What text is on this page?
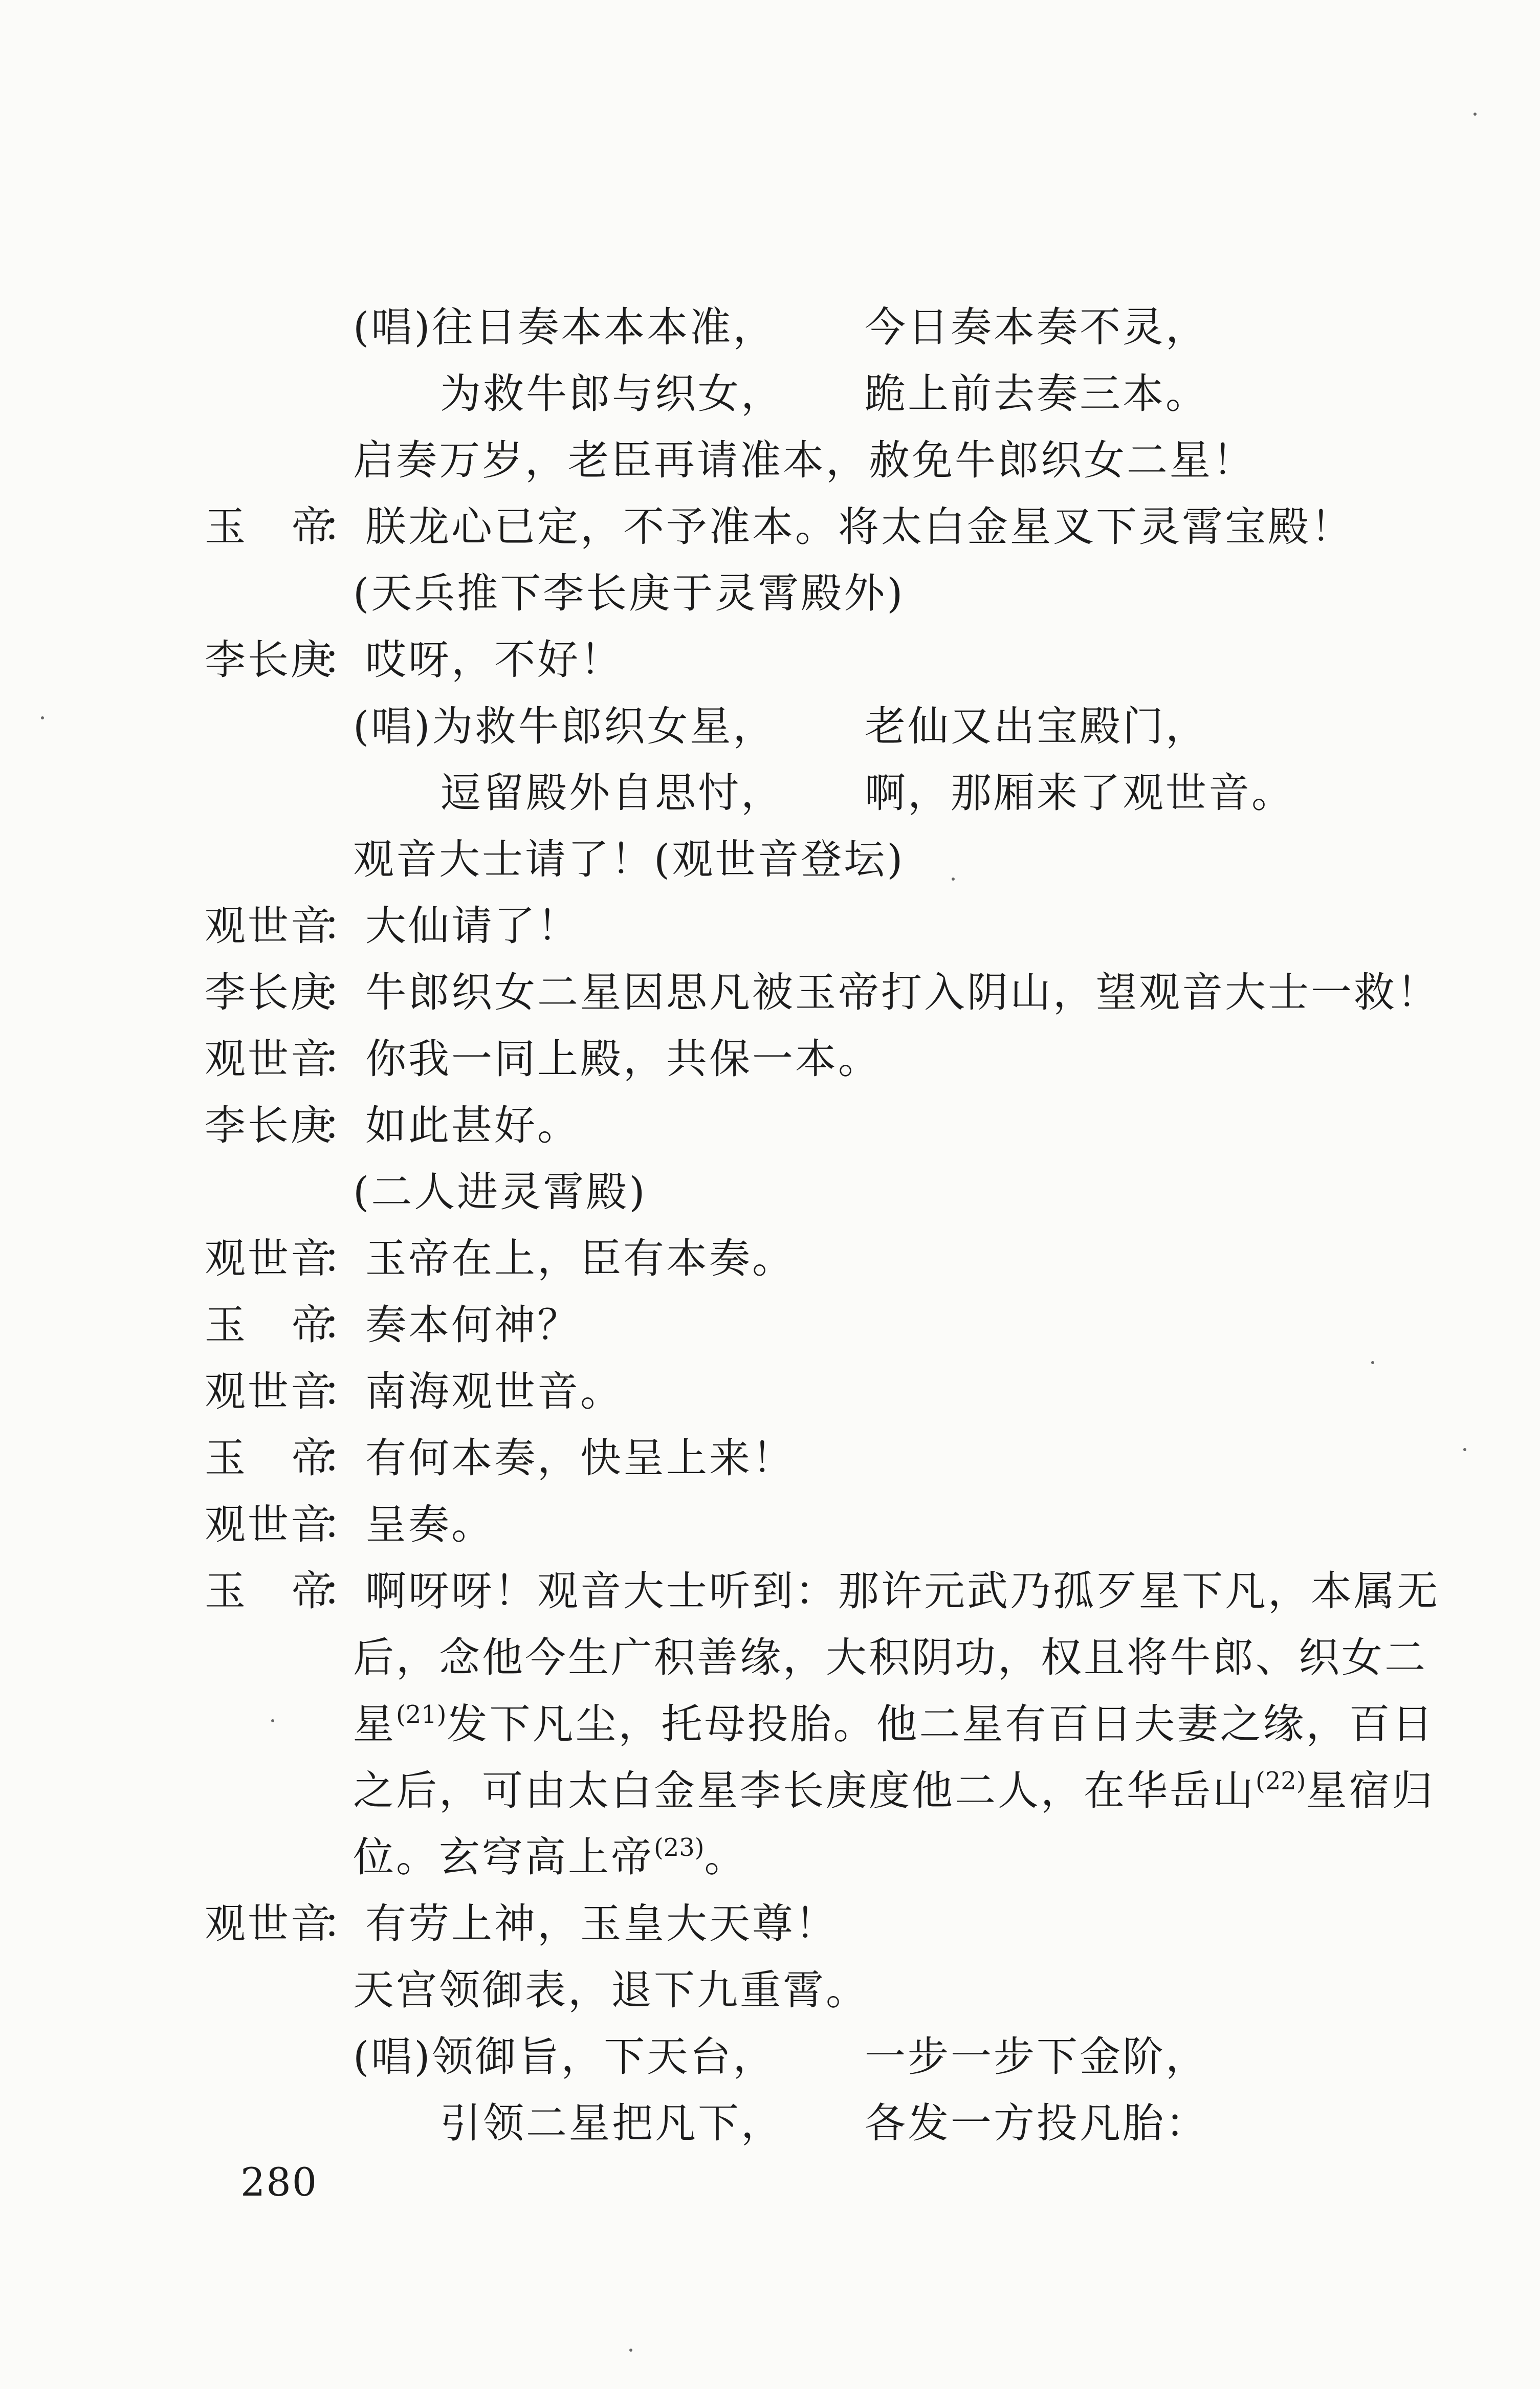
(唱)往日奏本本本准， 今日奏本奏不灵，
为救牛郎与织女， 跪上前去奏三本。
启奏万岁，老臣再请准本，赦免牛郎织女二星！
玉 帝
：朕龙心已定，不予准本。将太白金星叉下灵霄宝殿！
(天兵推下李长庚于灵霄殿外)
李长庚
：哎呀，不好！
(唱)为救牛郎织女星， 老仙又出宝殿门，
逗留殿外自思忖， 啊，那厢来了观世音。
观音大士请了！(观世音登坛)
观世音
：大仙请了！
李长庚
：牛郎织女二星因思凡被玉帝打入阴山，望观音大士一救！
观世音
：你我一同上殿，共保一本。
李长庚
：如此甚好。
(二人进灵霄殿)
观世音
：玉帝在上，臣有本奏。
玉 帝
：奏本何神？
观世音
：南海观世音。
玉 帝
：有何本奏，快呈上来！
观世音
：呈奏。
玉 帝
：啊呀呀！观音大士听到：那许元武乃孤歹星下凡，本属无
后，念他今生广积善缘，大积阴功，权且将牛郎、织女二
星$^{(21)}$发下凡尘，托母投胎。他二星有百日夫妻之缘，百日
之后，可由太白金星李长庚度他二人，在华岳山$^{(22)}$星宿归
位。玄穹高上帝$^{(23)}$。
观世音
：有劳上神，玉皇大天尊！
天宫领御表，退下九重霄。
(唱)领御旨，下天台， 一步一步下金阶，
引领二星把凡下， 各发一方投凡胎：
280
